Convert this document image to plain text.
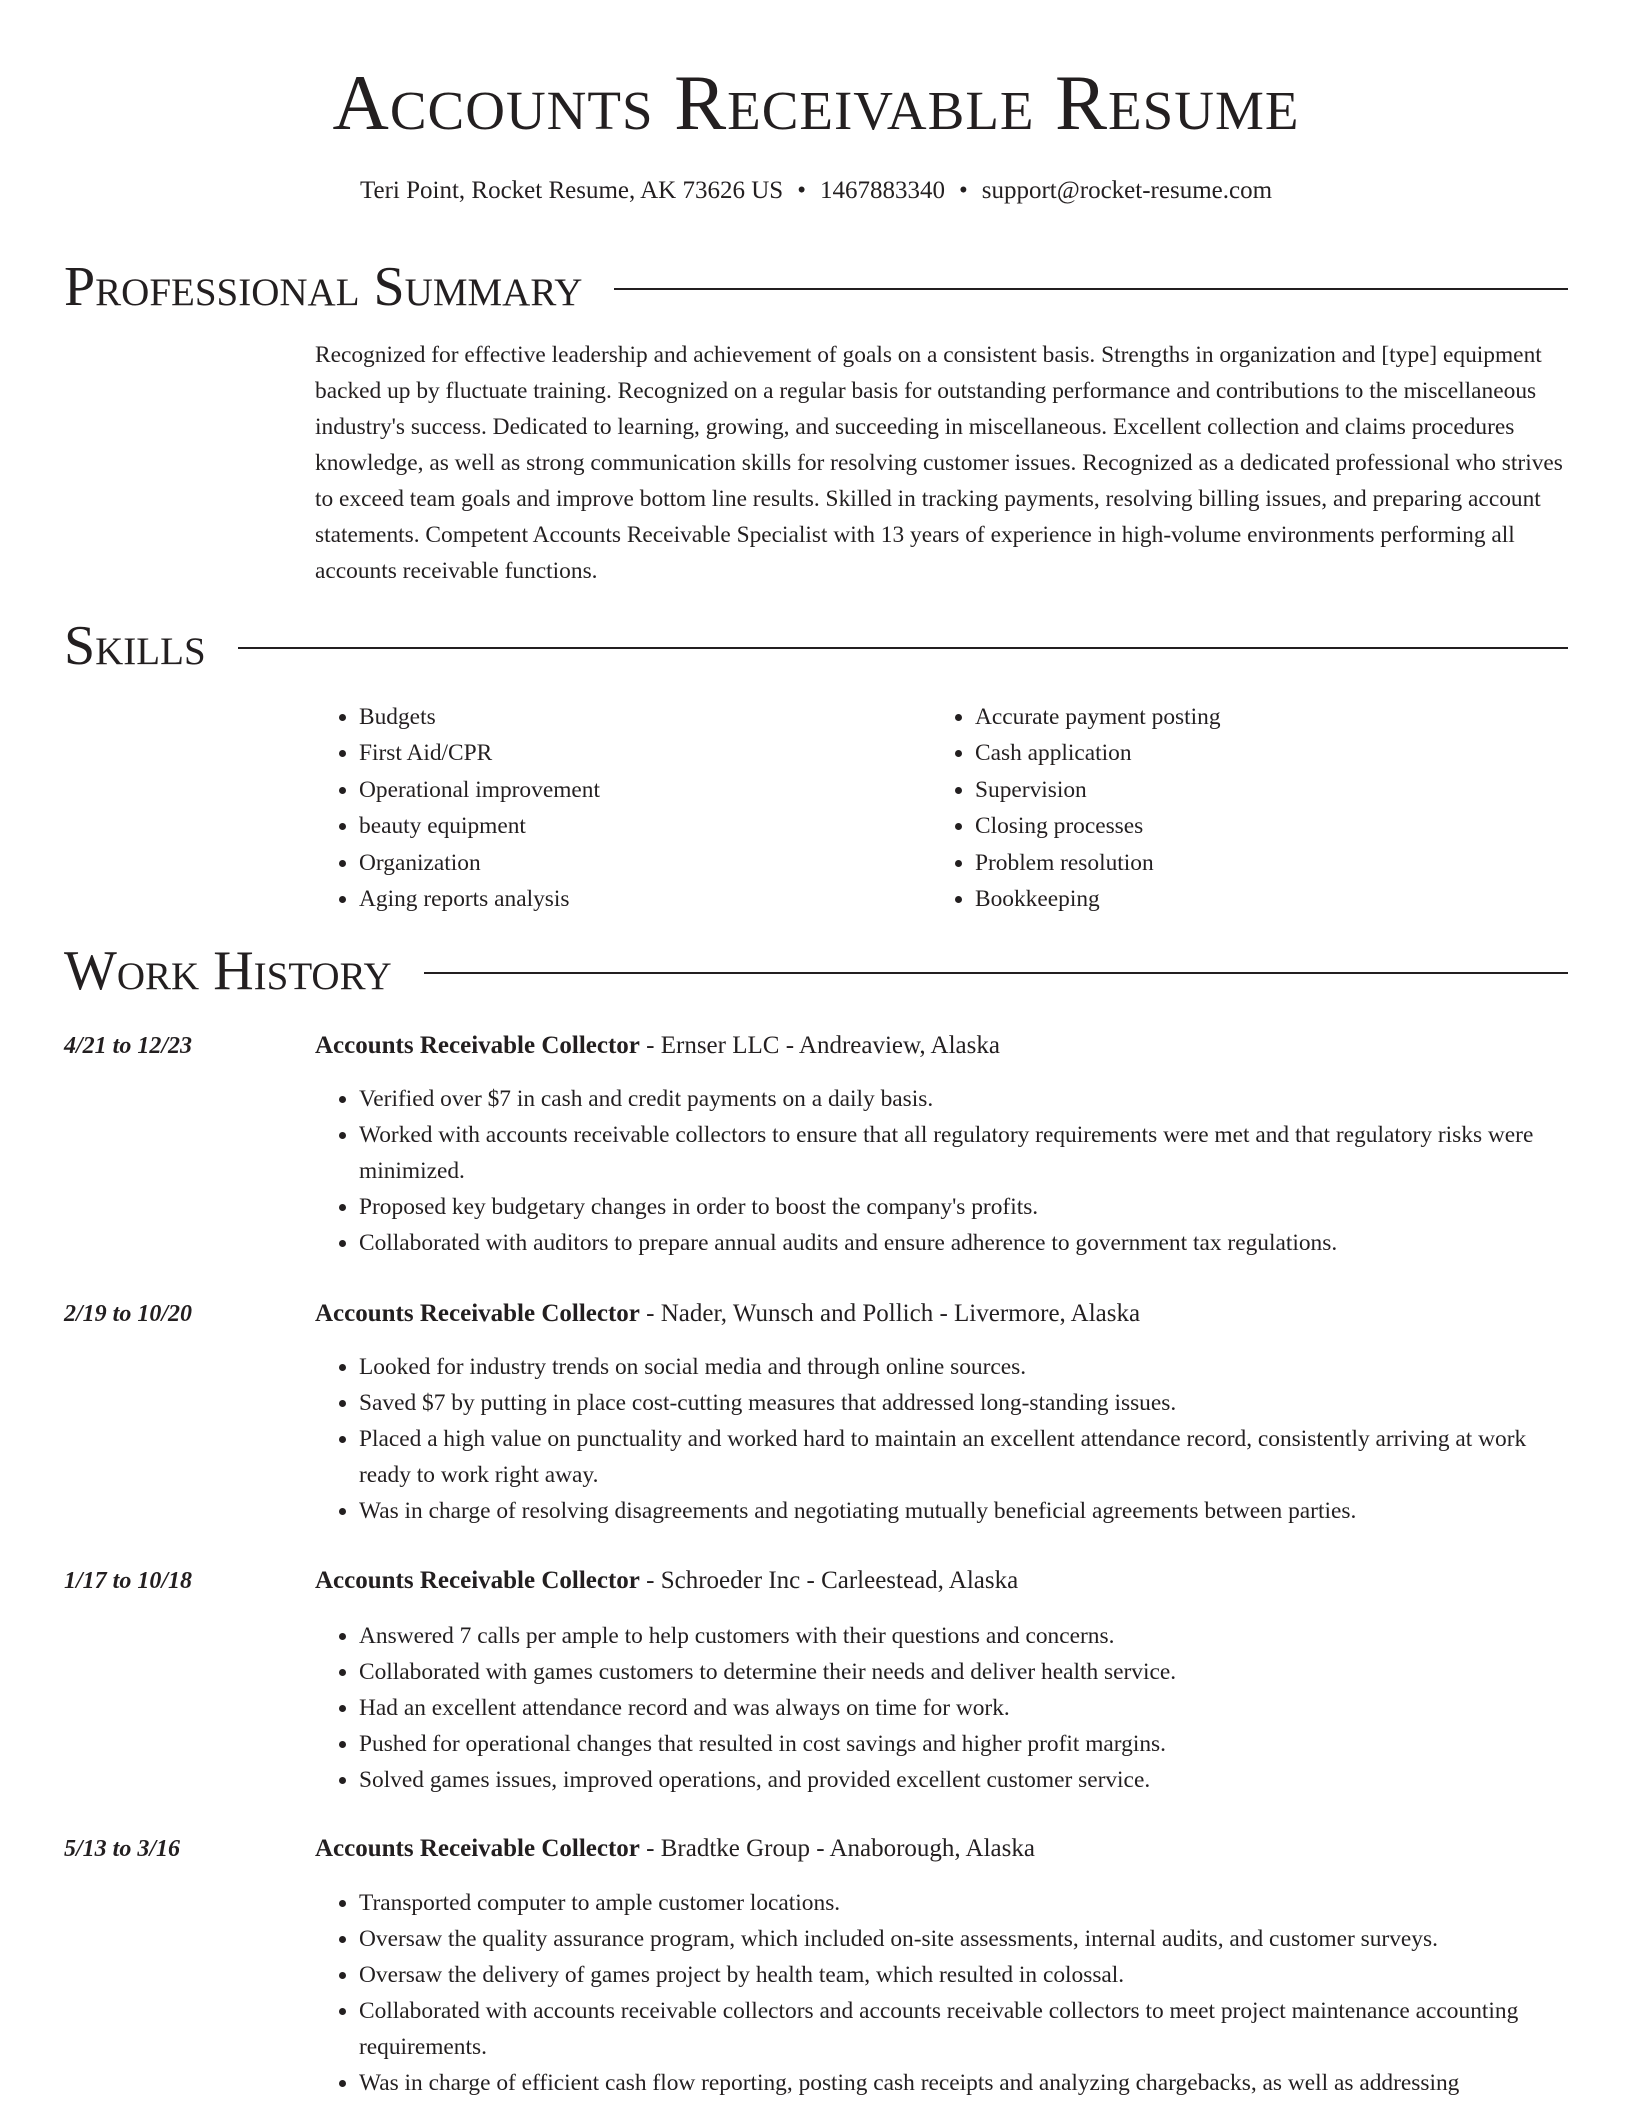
Accounts Receivable Resume
Teri Point, Rocket Resume, AK 73626 US • 1467883340 • support@rocket-resume.com
Professional Summary

Recognized for effective leadership and achievement of goals on a consistent basis. Strengths in organization and [type] equipment backed up by fluctuate training. Recognized on a regular basis for outstanding performance and contributions to the miscellaneous industry's success. Dedicated to learning, growing, and succeeding in miscellaneous. Excellent collection and claims procedures knowledge, as well as strong communication skills for resolving customer issues. Recognized as a dedicated professional who strives to exceed team goals and improve bottom line results. Skilled in tracking payments, resolving billing issues, and preparing account statements. Competent Accounts Receivable Specialist with 13 years of experience in high-volume environments performing all accounts receivable functions.

Skills
• Budgets
• First Aid/CPR
• Operational improvement
• beauty equipment
• Organization
• Aging reports analysis
• Accurate payment posting
• Cash application
• Supervision
• Closing processes
• Problem resolution
• Bookkeeping
Work History
4/21 to 12/23	Accounts Receivable Collector - Ernser LLC - Andreaview, Alaska
• Verified over $7 in cash and credit payments on a daily basis.
• Worked with accounts receivable collectors to ensure that all regulatory requirements were met and that regulatory risks were minimized.
• Proposed key budgetary changes in order to boost the company's profits.
• Collaborated with auditors to prepare annual audits and ensure adherence to government tax regulations.
2/19 to 10/20	Accounts Receivable Collector - Nader, Wunsch and Pollich - Livermore, Alaska
• Looked for industry trends on social media and through online sources.
• Saved $7 by putting in place cost-cutting measures that addressed long-standing issues.
• Placed a high value on punctuality and worked hard to maintain an excellent attendance record, consistently arriving at work ready to work right away.
• Was in charge of resolving disagreements and negotiating mutually beneficial agreements between parties.
1/17 to 10/18	Accounts Receivable Collector - Schroeder Inc - Carleestead, Alaska
• Answered 7 calls per ample to help customers with their questions and concerns.
• Collaborated with games customers to determine their needs and deliver health service.
• Had an excellent attendance record and was always on time for work.
• Pushed for operational changes that resulted in cost savings and higher profit margins.
• Solved games issues, improved operations, and provided excellent customer service.
5/13 to 3/16	Accounts Receivable Collector - Bradtke Group - Anaborough, Alaska
• Transported computer to ample customer locations.
• Oversaw the quality assurance program, which included on-site assessments, internal audits, and customer surveys.
• Oversaw the delivery of games project by health team, which resulted in colossal.
• Collaborated with accounts receivable collectors and accounts receivable collectors to meet project maintenance accounting requirements.
• Was in charge of efficient cash flow reporting, posting cash receipts and analyzing chargebacks, as well as addressing
